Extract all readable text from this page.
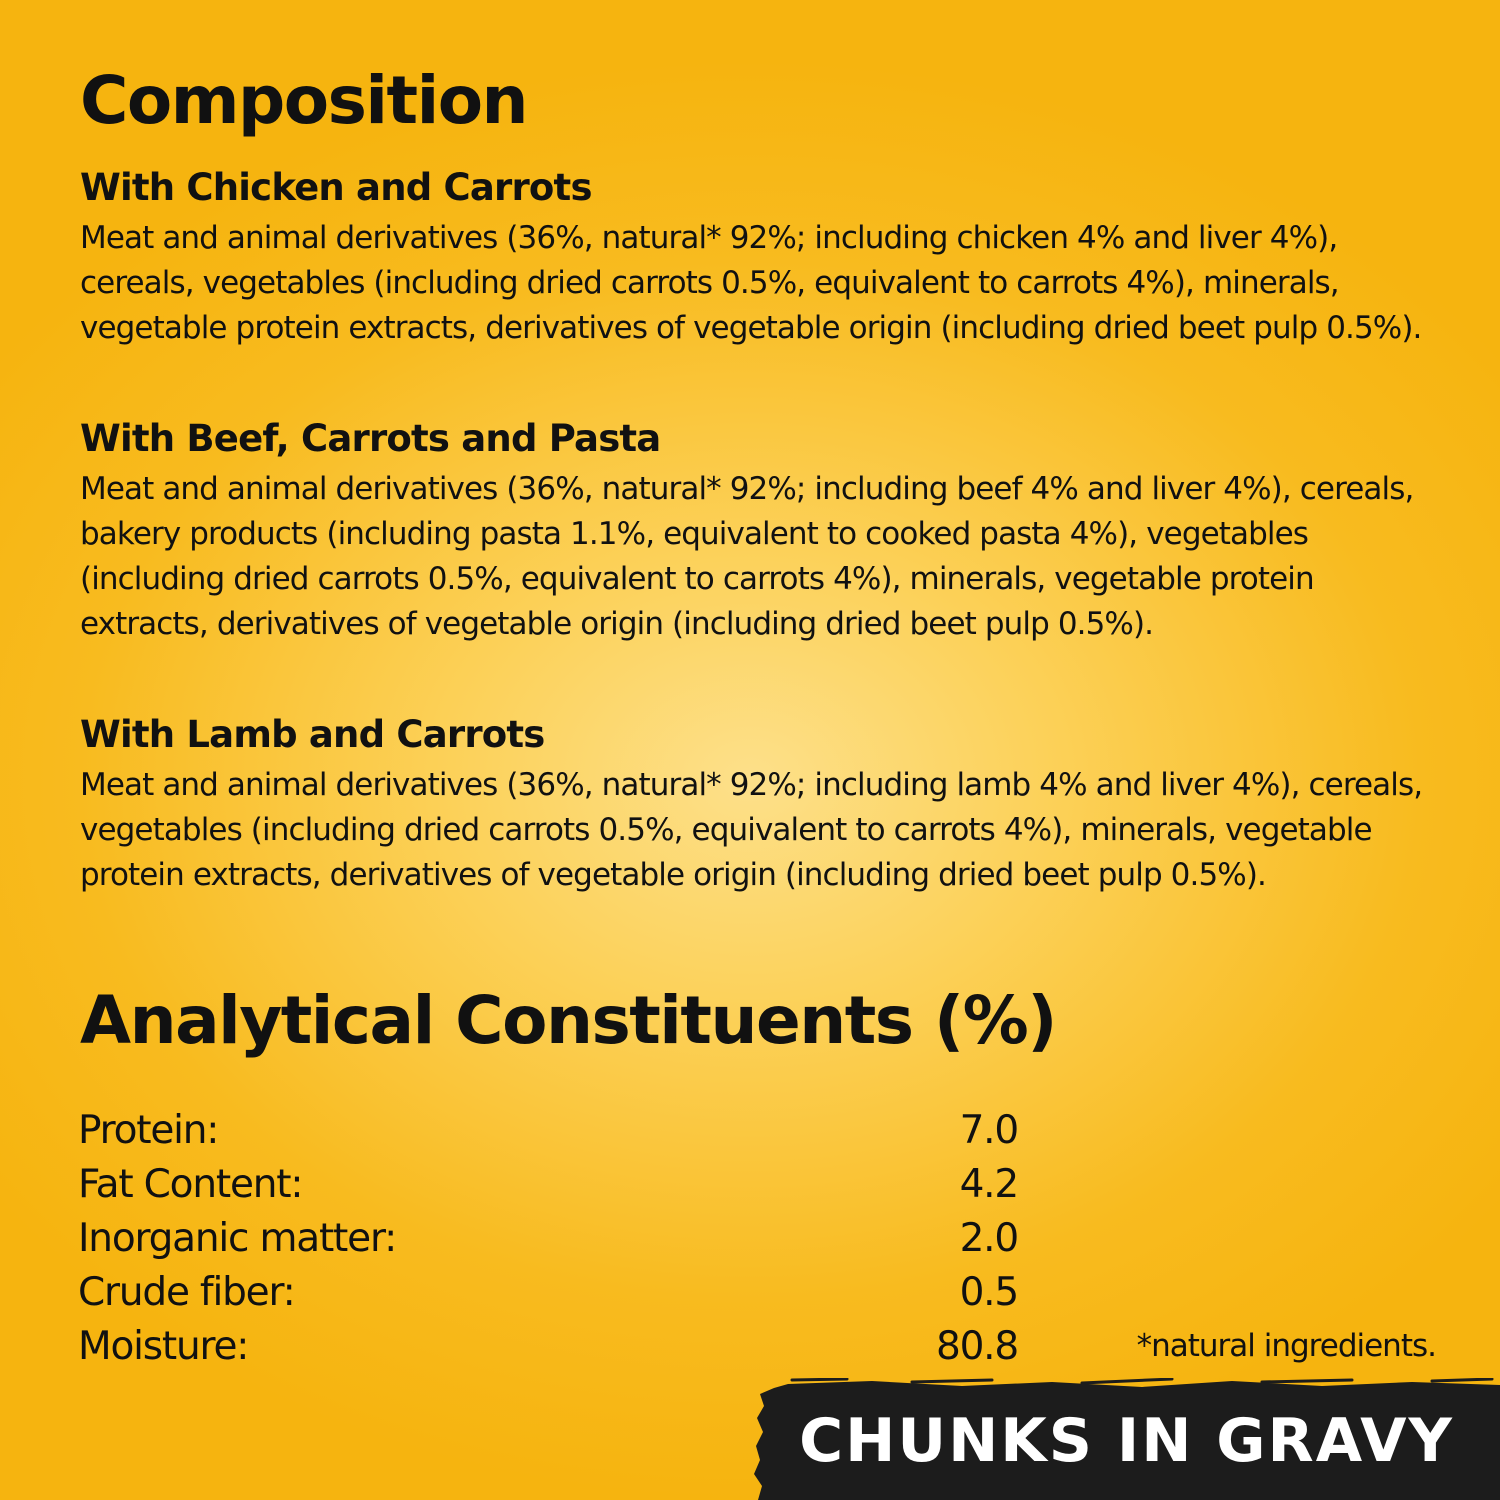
Composition
With Chicken and Carrots

Meat and animal derivatives (36%, natural* 92%; including chicken 4% and liver 4%), cereals, vegetables (including dried carrots 0.5%, equivalent to carrots 4%), minerals, vegetable protein extracts, derivatives of vegetable origin (including dried beet pulp 0.5%).

With Beef, Carrots and Pasta

Meat and animal derivatives (36%, natural* 92%; including beef 4% and liver 4%), cereals, bakery products (including pasta 1.1%, equivalent to cooked pasta 4%), vegetables (including dried carrots 0.5%, equivalent to carrots 4%), minerals, vegetable protein extracts, derivatives of vegetable origin (including dried beet pulp 0.5%).

With Lamb and Carrots

Meat and animal derivatives (36%, natural* 92%; including lamb 4% and liver 4%), cereals, vegetables (including dried carrots 0.5%, equivalent to carrots 4%), minerals, vegetable protein extracts, derivatives of vegetable origin (including dried beet pulp 0.5%).

Analytical Constituents (%)
Protein:	7.0
Fat Content:	4.2
Inorganic matter:	2.0
Crude fiber:	0.5
Moisture:	80.8	*natural ingredients.
CHUNKS IN GRAVY
